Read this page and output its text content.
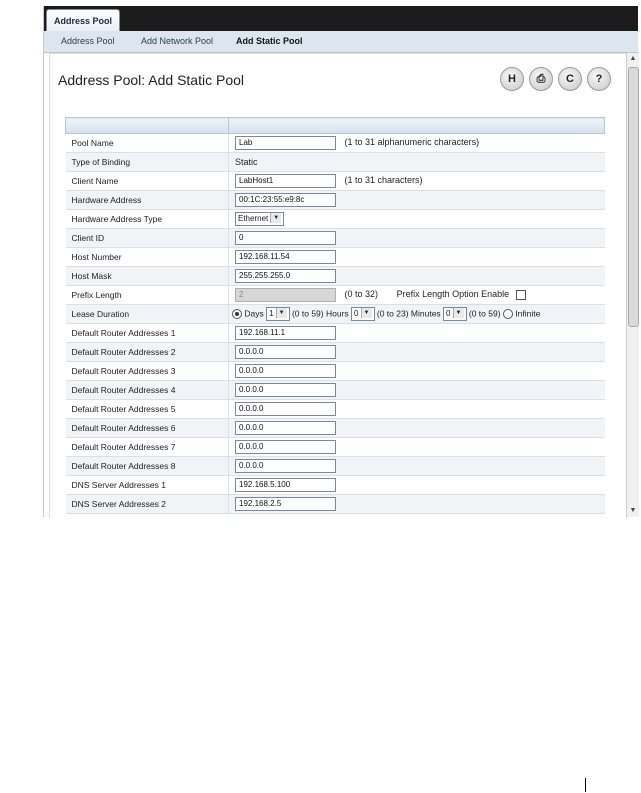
Address Pool
Address Pool	Add Network Pool	Add Static Pool
Address Pool: Add Static Pool	H ⎙ C ?

Pool Name	Lab (1 to 31 alphanumeric characters)
Type of Binding	Static
Client Name	LabHost1 (1 to 31 characters)
Hardware Address	00:1C:23:55:e9:8c
Hardware Address Type	Ethernet ▼
Client ID	0
Host Number	192.168.11.54
Host Mask	255.255.255.0
Prefix Length	2 (0 to 32) Prefix Length Option Enable
Lease Duration	Days 1 ▼ (0 to 59) Hours 0 ▼ (0 to 23) Minutes 0 ▼ (0 to 59) Infinite
Default Router Addresses 1	192.168.11.1
Default Router Addresses 2	0.0.0.0
Default Router Addresses 3	0.0.0.0
Default Router Addresses 4	0.0.0.0
Default Router Addresses 5	0.0.0.0
Default Router Addresses 6	0.0.0.0
Default Router Addresses 7	0.0.0.0
Default Router Addresses 8	0.0.0.0
DNS Server Addresses 1	192.168.5.100
DNS Server Addresses 2	192.168.2.5
▲
▼
